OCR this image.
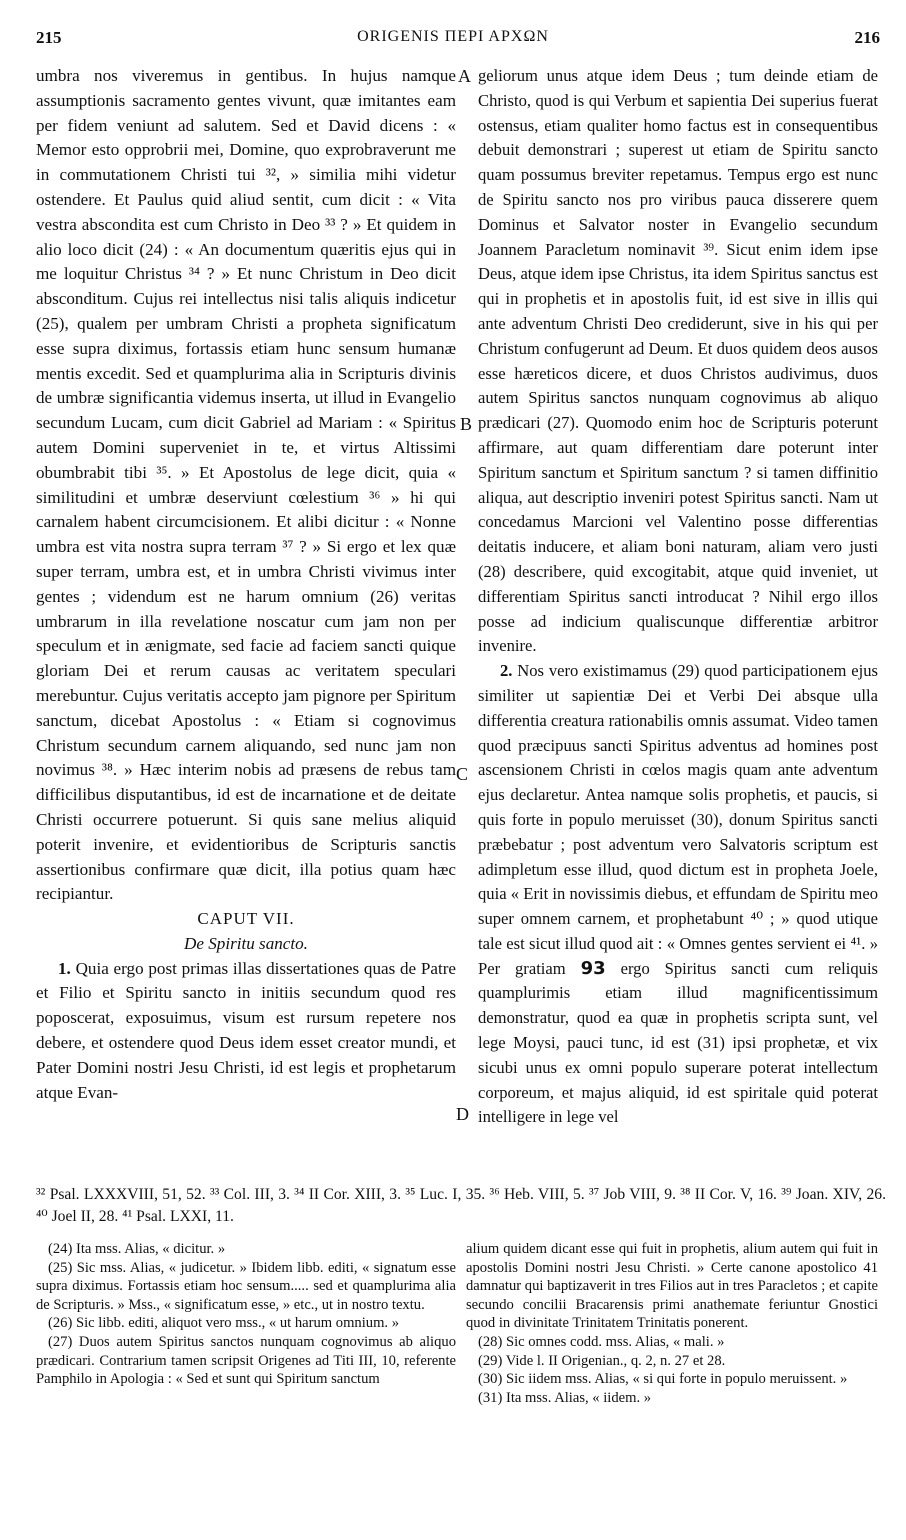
215	ORIGENIS ΠΕΡΙ ΑΡΧΩΝ	216
A
B
C
D

umbra nos viveremus in gentibus. In hujus namque assumptionis sacramento gentes vivunt, quæ imitantes eam per fidem veniunt ad salutem. Sed et David dicens : « Memor esto opprobrii mei, Domine, quo exprobraverunt me in commutationem Christi tui ³², » similia mihi videtur ostendere. Et Paulus quid aliud sentit, cum dicit : « Vita vestra abscondita est cum Christo in Deo ³³ ? » Et quidem in alio loco dicit (24) : « An documentum quæritis ejus qui in me loquitur Christus ³⁴ ? » Et nunc Christum in Deo dicit absconditum. Cujus rei intellectus nisi talis aliquis indicetur (25), qualem per umbram Christi a propheta significatum esse supra diximus, fortassis etiam hunc sensum humanæ mentis excedit. Sed et quamplurima alia in Scripturis divinis de umbræ significantia videmus inserta, ut illud in Evangelio secundum Lucam, cum dicit Gabriel ad Mariam : « Spiritus autem Domini superveniet in te, et virtus Altissimi obumbrabit tibi ³⁵. » Et Apostolus de lege dicit, quia « similitudini et umbræ deserviunt cœlestium ³⁶ » hi qui carnalem habent circumcisionem. Et alibi dicitur : « Nonne umbra est vita nostra supra terram ³⁷ ? » Si ergo et lex quæ super terram, umbra est, et in umbra Christi vivimus inter gentes ; videndum est ne harum omnium (26) veritas umbrarum in illa revelatione noscatur cum jam non per speculum et in ænigmate, sed facie ad faciem sancti quique gloriam Dei et rerum causas ac veritatem speculari merebuntur. Cujus veritatis accepto jam pignore per Spiritum sanctum, dicebat Apostolus : « Etiam si cognovimus Christum secundum carnem aliquando, sed nunc jam non novimus ³⁸. » Hæc interim nobis ad præsens de rebus tam difficilibus disputantibus, id est de incarnatione et de deitate Christi occurrere potuerunt. Si quis sane melius aliquid poterit invenire, et evidentioribus de Scripturis sanctis assertionibus confirmare quæ dicit, illa potius quam hæc recipiantur.

CAPUT VII.

De Spiritu sancto.

1. Quia ergo post primas illas dissertationes quas de Patre et Filio et Spiritu sancto in initiis secundum quod res poposcerat, exposuimus, visum est rursum repetere nos debere, et ostendere quod Deus idem esset creator mundi, et Pater Domini nostri Jesu Christi, id est legis et prophetarum atque Evan-

geliorum unus atque idem Deus ; tum deinde etiam de Christo, quod is qui Verbum et sapientia Dei superius fuerat ostensus, etiam qualiter homo factus est in consequentibus debuit demonstrari ; superest ut etiam de Spiritu sancto quam possumus breviter repetamus. Tempus ergo est nunc de Spiritu sancto nos pro viribus pauca disserere quem Dominus et Salvator noster in Evangelio secundum Joannem Paracletum nominavit ³⁹. Sicut enim idem ipse Deus, atque idem ipse Christus, ita idem Spiritus sanctus est qui in prophetis et in apostolis fuit, id est sive in illis qui ante adventum Christi Deo crediderunt, sive in his qui per Christum confugerunt ad Deum. Et duos quidem deos ausos esse hæreticos dicere, et duos Christos audivimus, duos autem Spiritus sanctos nunquam cognovimus ab aliquo prædicari (27). Quomodo enim hoc de Scripturis poterunt affirmare, aut quam differentiam dare poterunt inter Spiritum sanctum et Spiritum sanctum ? si tamen diffinitio aliqua, aut descriptio inveniri potest Spiritus sancti. Nam ut concedamus Marcioni vel Valentino posse differentias deitatis inducere, et aliam boni naturam, aliam vero justi (28) describere, quid excogitabit, atque quid inveniet, ut differentiam Spiritus sancti introducat ? Nihil ergo illos posse ad indicium qualiscunque differentiæ arbitror invenire.

2. Nos vero existimamus (29) quod participationem ejus similiter ut sapientiæ Dei et Verbi Dei absque ulla differentia creatura rationabilis omnis assumat. Video tamen quod præcipuus sancti Spiritus adventus ad homines post ascensionem Christi in cœlos magis quam ante adventum ejus declaretur. Antea namque solis prophetis, et paucis, si quis forte in populo meruisset (30), donum Spiritus sancti præbebatur ; post adventum vero Salvatoris scriptum est adimpletum esse illud, quod dictum est in propheta Joele, quia « Erit in novissimis diebus, et effundam de Spiritu meo super omnem carnem, et prophetabunt ⁴⁰ ; » quod utique tale est sicut illud quod ait : « Omnes gentes servient ei ⁴¹. » Per gratiam 93 ergo Spiritus sancti cum reliquis quamplurimis etiam illud magnificentissimum demonstratur, quod ea quæ in prophetis scripta sunt, vel lege Moysi, pauci tunc, id est (31) ipsi prophetæ, et vix sicubi unus ex omni populo superare poterat intellectum corporeum, et majus aliquid, id est spiritale quid poterat intelligere in lege vel

³² Psal. LXXXVIII, 51, 52. ³³ Col. III, 3. ³⁴ II Cor. XIII, 3. ³⁵ Luc. I, 35. ³⁶ Heb. VIII, 5. ³⁷ Job VIII, 9. ³⁸ II Cor. V, 16. ³⁹ Joan. XIV, 26. ⁴⁰ Joel II, 28. ⁴¹ Psal. LXXI, 11.

(24) Ita mss. Alias, « dicitur. »

(25) Sic mss. Alias, « judicetur. » Ibidem libb. editi, « signatum esse supra diximus. Fortassis etiam hoc sensum..... sed et quamplurima alia de Scripturis. » Mss., « significatum esse, » etc., ut in nostro textu.

(26) Sic libb. editi, aliquot vero mss., « ut harum omnium. »

(27) Duos autem Spiritus sanctos nunquam cognovimus ab aliquo prædicari. Contrarium tamen scripsit Origenes ad Titi III, 10, referente Pamphilo in Apologia : « Sed et sunt qui Spiritum sanctum

alium quidem dicant esse qui fuit in prophetis, alium autem qui fuit in apostolis Domini nostri Jesu Christi. » Certe canone apostolico 41 damnatur qui baptizaverit in tres Filios aut in tres Paracletos ; et capite secundo concilii Bracarensis primi anathemate feriuntur Gnostici quod in divinitate Trinitatem Trinitatis ponerent.

(28) Sic omnes codd. mss. Alias, « mali. »

(29) Vide l. II Origenian., q. 2, n. 27 et 28.

(30) Sic iidem mss. Alias, « si qui forte in populo meruissent. »

(31) Ita mss. Alias, « iidem. »
